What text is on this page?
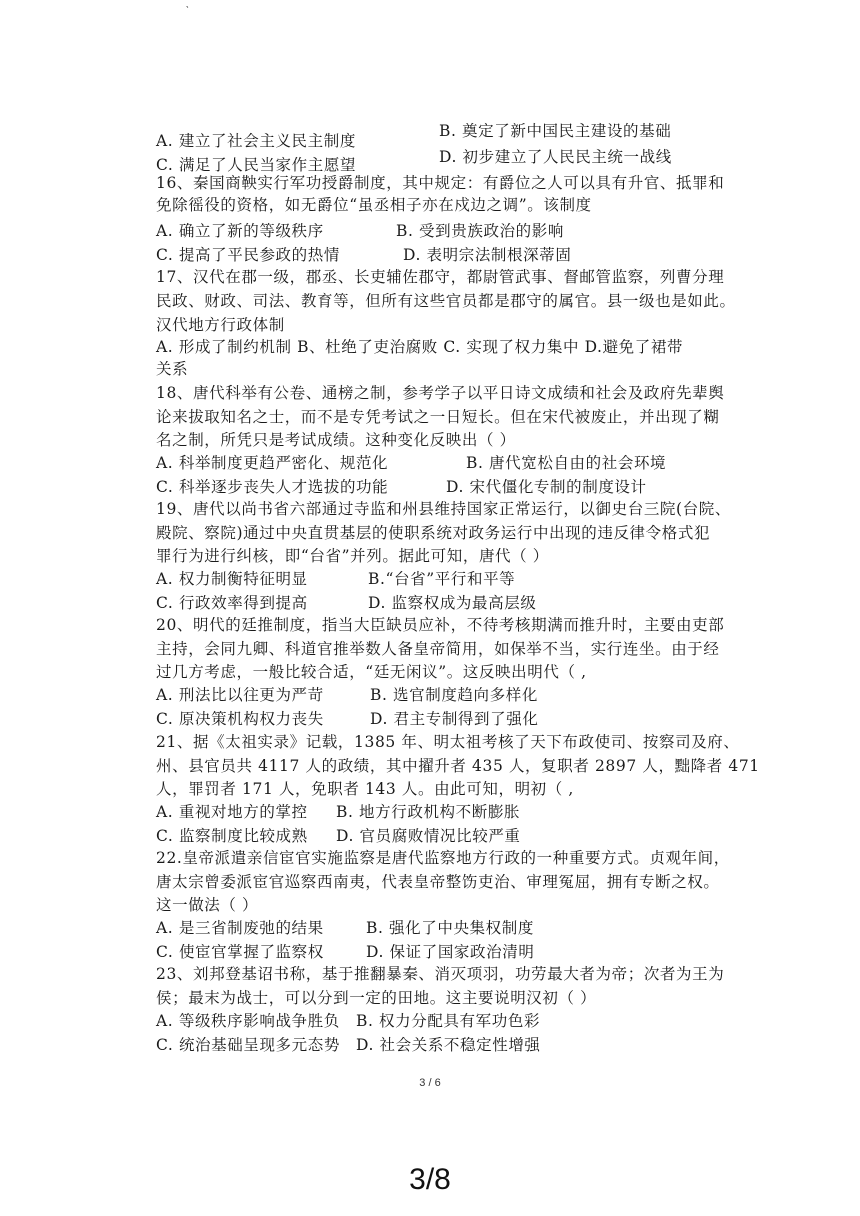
‵
A. 建立了社会主义民主制度
B. 奠定了新中国民主建设的基础
C. 满足了人民当家作主愿望	D. 初步建立了人民民主统一战线
16、秦国商鞅实行军功授爵制度，其中规定：有爵位之人可以具有升官、抵罪和
免除徭役的资格，如无爵位“虽丞相子亦在戍边之调”。该制度
A. 确立了新的等级秩序	B. 受到贵族政治的影响
C. 提高了平民参政的热情	D. 表明宗法制根深蒂固
17、汉代在郡一级，郡丞、长吏辅佐郡守，都尉管武事、督邮管监察，列曹分理
民政、财政、司法、教育等，但所有这些官员都是郡守的属官。县一级也是如此。
汉代地方行政体制
A. 形成了制约机制 B、杜绝了吏治腐败 C. 实现了权力集中 D.避免了裙带
关系
18、唐代科举有公卷、通榜之制，参考学子以平日诗文成绩和社会及政府先辈舆
论来拔取知名之士，而不是专凭考试之一日短长。但在宋代被废止，并出现了糊
名之制，所凭只是考试成绩。这种变化反映出（ ）
A. 科举制度更趋严密化、规范化	B. 唐代宽松自由的社会环境
C. 科举逐步丧失人才选拔的功能	D. 宋代僵化专制的制度设计
19、唐代以尚书省六部通过寺监和州县维持国家正常运行，以御史台三院(台院、
殿院、察院)通过中央直贯基层的使职系统对政务运行中出现的违反律令格式犯
罪行为进行纠核，即“台省”并列。据此可知，唐代（ ）
A. 权力制衡特征明显	B.“台省”平行和平等
C. 行政效率得到提高	D. 监察权成为最高层级
20、明代的廷推制度，指当大臣缺员应补，不待考核期满而推升时，主要由吏部
主持，会同九卿、科道官推举数人备皇帝简用，如保举不当，实行连坐。由于经
过几方考虑，一般比较合适，“廷无闲议”。这反映出明代（ ,
A. 刑法比以往更为严苛	B. 选官制度趋向多样化
C. 原决策机构权力丧失	D. 君主专制得到了强化
21、据《太祖实录》记载，1385 年、明太祖考核了天下布政使司、按察司及府、
州、县官员共 4117 人的政绩，其中擢升者 435 人，复职者 2897 人，黜降者 471
人，罪罚者 171 人，免职者 143 人。由此可知，明初（ ,
A. 重视对地方的掌控 B. 地方行政机构不断膨胀
C. 监察制度比较成熟 D. 官员腐败情况比较严重
22.皇帝派遣亲信宦官实施监察是唐代监察地方行政的一种重要方式。贞观年间，
唐太宗曾委派宦官巡察西南夷，代表皇帝整饬吏治、审理冤屈，拥有专断之权。
这一做法（ ）
A. 是三省制废弛的结果	B. 强化了中央集权制度
C. 使宦官掌握了监察权	D. 保证了国家政治清明
23、刘邦登基诏书称，基于推翻暴秦、消灭项羽，功劳最大者为帝；次者为王为
侯；最末为战士，可以分到一定的田地。这主要说明汉初（ ）
A. 等级秩序影响战争胜负 B. 权力分配具有军功色彩
C. 统治基础呈现多元态势 D. 社会关系不稳定性增强
3 / 6
3/8
